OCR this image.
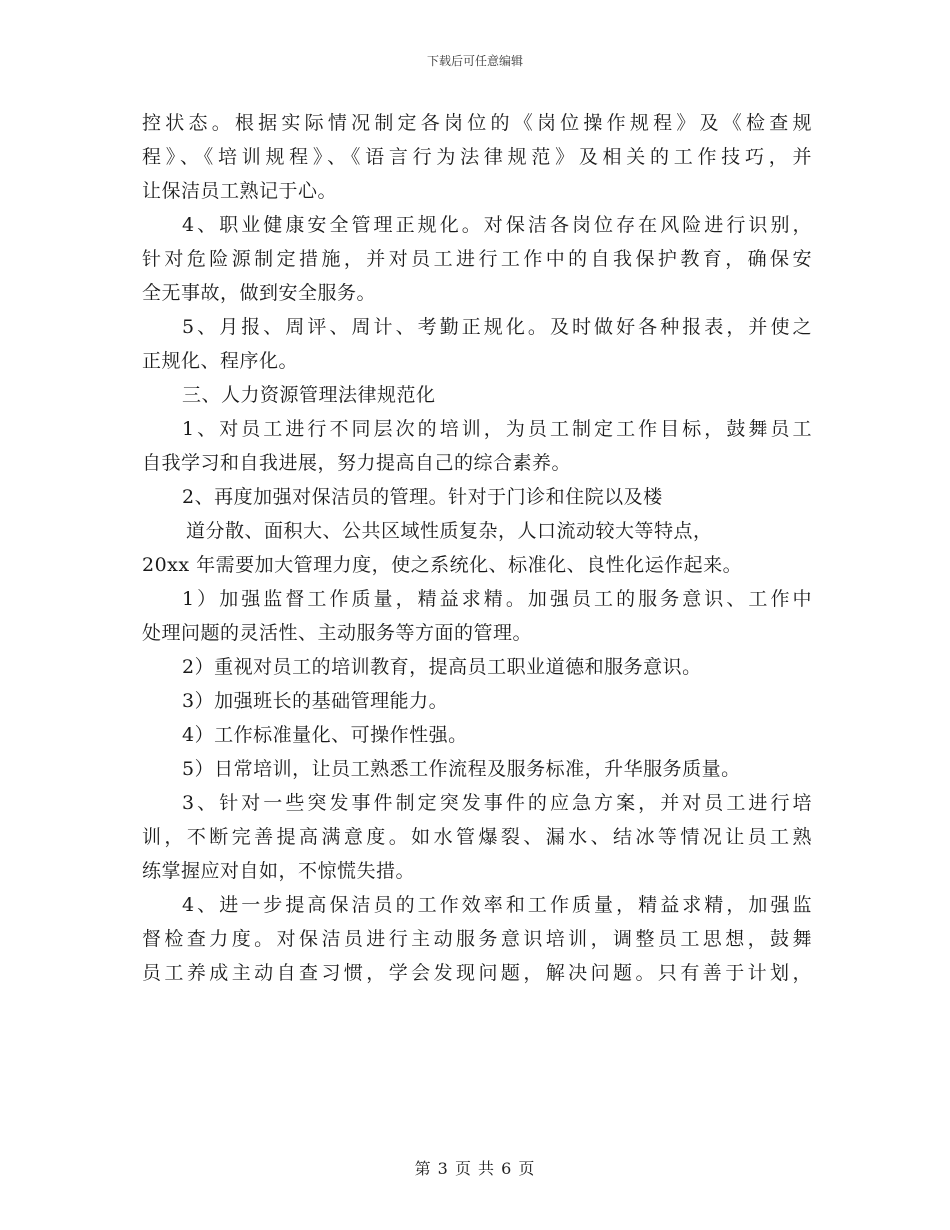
下载后可任意编辑
控状态。根据实际情况制定各岗位的《岗位操作规程》及《检查规
程》、《培训规程》、《语言行为法律规范》及相关的工作技巧，并
让保洁员工熟记于心。
4、职业健康安全管理正规化。对保洁各岗位存在风险进行识别，
针对危险源制定措施，并对员工进行工作中的自我保护教育，确保安
全无事故，做到安全服务。
5、月报、周评、周计、考勤正规化。及时做好各种报表，并使之
正规化、程序化。
三、人力资源管理法律规范化
1、对员工进行不同层次的培训，为员工制定工作目标，鼓舞员工
自我学习和自我进展，努力提高自己的综合素养。
2、再度加强对保洁员的管理。针对于门诊和住院以及楼
道分散、面积大、公共区域性质复杂，人口流动较大等特点，
20xx 年需要加大管理力度，使之系统化、标准化、良性化运作起来。
1）加强监督工作质量，精益求精。加强员工的服务意识、工作中
处理问题的灵活性、主动服务等方面的管理。
2）重视对员工的培训教育，提高员工职业道德和服务意识。
3）加强班长的基础管理能力。
4）工作标准量化、可操作性强。
5）日常培训，让员工熟悉工作流程及服务标准，升华服务质量。
3、针对一些突发事件制定突发事件的应急方案，并对员工进行培
训，不断完善提高满意度。如水管爆裂、漏水、结冰等情况让员工熟
练掌握应对自如，不惊慌失措。
4、进一步提高保洁员的工作效率和工作质量，精益求精，加强监
督检查力度。对保洁员进行主动服务意识培训，调整员工思想，鼓舞
员工养成主动自查习惯，学会发现问题，解决问题。只有善于计划，
第 3 页 共 6 页
